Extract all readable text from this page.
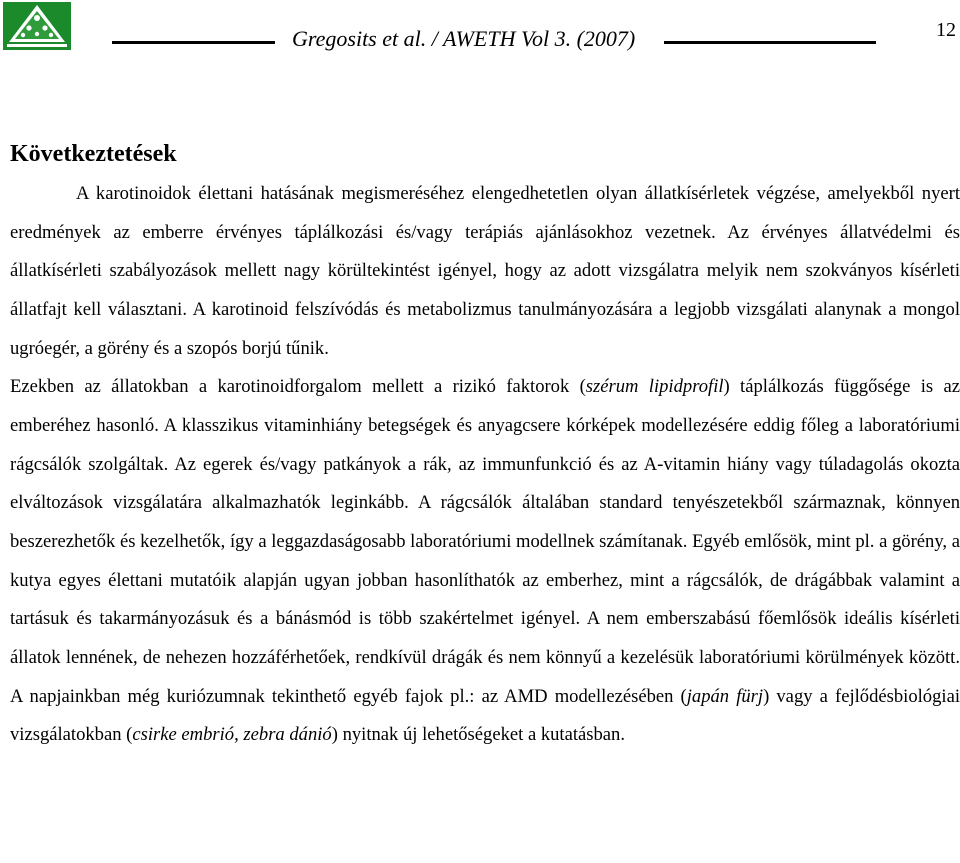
Gregosits et al. / AWETH Vol 3. (2007)	12
Következtetések

A karotinoidok élettani hatásának megismeréséhez elengedhetetlen olyan állatkísérletek végzése, amelyekből nyert eredmények az emberre érvényes táplálkozási és/vagy terápiás ajánlásokhoz vezetnek. Az érvényes állatvédelmi és állatkísérleti szabályozások mellett nagy körültekintést igényel, hogy az adott vizsgálatra melyik nem szokványos kísérleti állatfajt kell választani. A karotinoid felszívódás és metabolizmus tanulmányozására a legjobb vizsgálati alanynak a mongol ugróegér, a görény és a szopós borjú tűnik.

Ezekben az állatokban a karotinoidforgalom mellett a rizikó faktorok (szérum lipidprofil) táplálkozás függősége is az emberéhez hasonló. A klasszikus vitaminhiány betegségek és anyagcsere kórképek modellezésére eddig főleg a laboratóriumi rágcsálók szolgáltak. Az egerek és/vagy patkányok a rák, az immunfunkció és az A-vitamin hiány vagy túladagolás okozta elváltozások vizsgálatára alkalmazhatók leginkább. A rágcsálók általában standard tenyészetekből származnak, könnyen beszerezhetők és kezelhetők, így a leggazdaságosabb laboratóriumi modellnek számítanak. Egyéb emlősök, mint pl. a görény, a kutya egyes élettani mutatóik alapján ugyan jobban hasonlíthatók az emberhez, mint a rágcsálók, de drágábbak valamint a tartásuk és takarmányozásuk és a bánásmód is több szakértelmet igényel. A nem emberszabású főemlősök ideális kísérleti állatok lennének, de nehezen hozzáférhetőek, rendkívül drágák és nem könnyű a kezelésük laboratóriumi körülmények között. A napjainkban még kuriózumnak tekinthető egyéb fajok pl.: az AMD modellezésében (japán fürj) vagy a fejlődésbiológiai vizsgálatokban (csirke embrió, zebra dánió) nyitnak új lehetőségeket a kutatásban.
